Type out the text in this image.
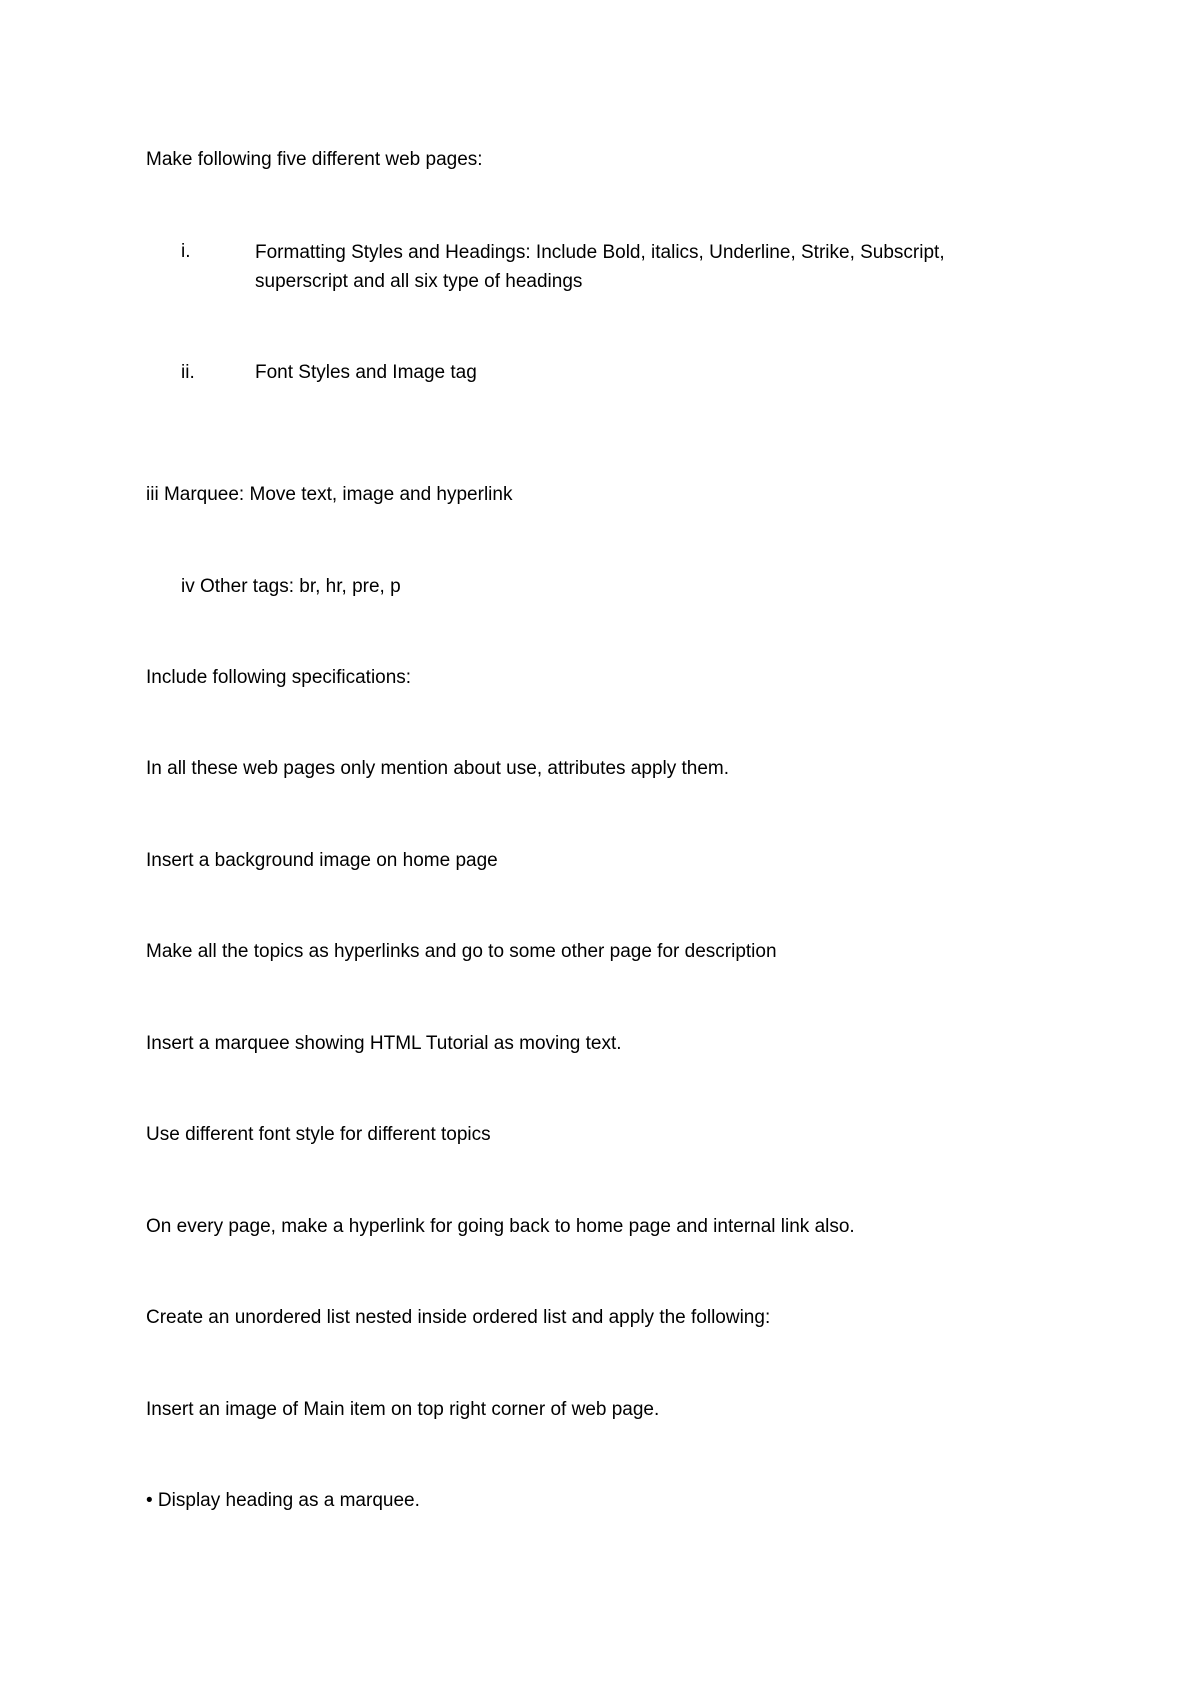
Make following five different web pages:
i.	Formatting Styles and Headings: Include Bold, italics, Underline, Strike, Subscript, superscript and all six type of headings
ii.	Font Styles and Image tag
iii Marquee: Move text, image and hyperlink
iv Other tags: br, hr, pre, p
Include following specifications:
In all these web pages only mention about use, attributes apply them.
Insert a background image on home page
Make all the topics as hyperlinks and go to some other page for description
Insert a marquee showing HTML Tutorial as moving text.
Use different font style for different topics
On every page, make a hyperlink for going back to home page and internal link also.
Create an unordered list nested inside ordered list and apply the following:
Insert an image of Main item on top right corner of web page.
• Display heading as a marquee.
